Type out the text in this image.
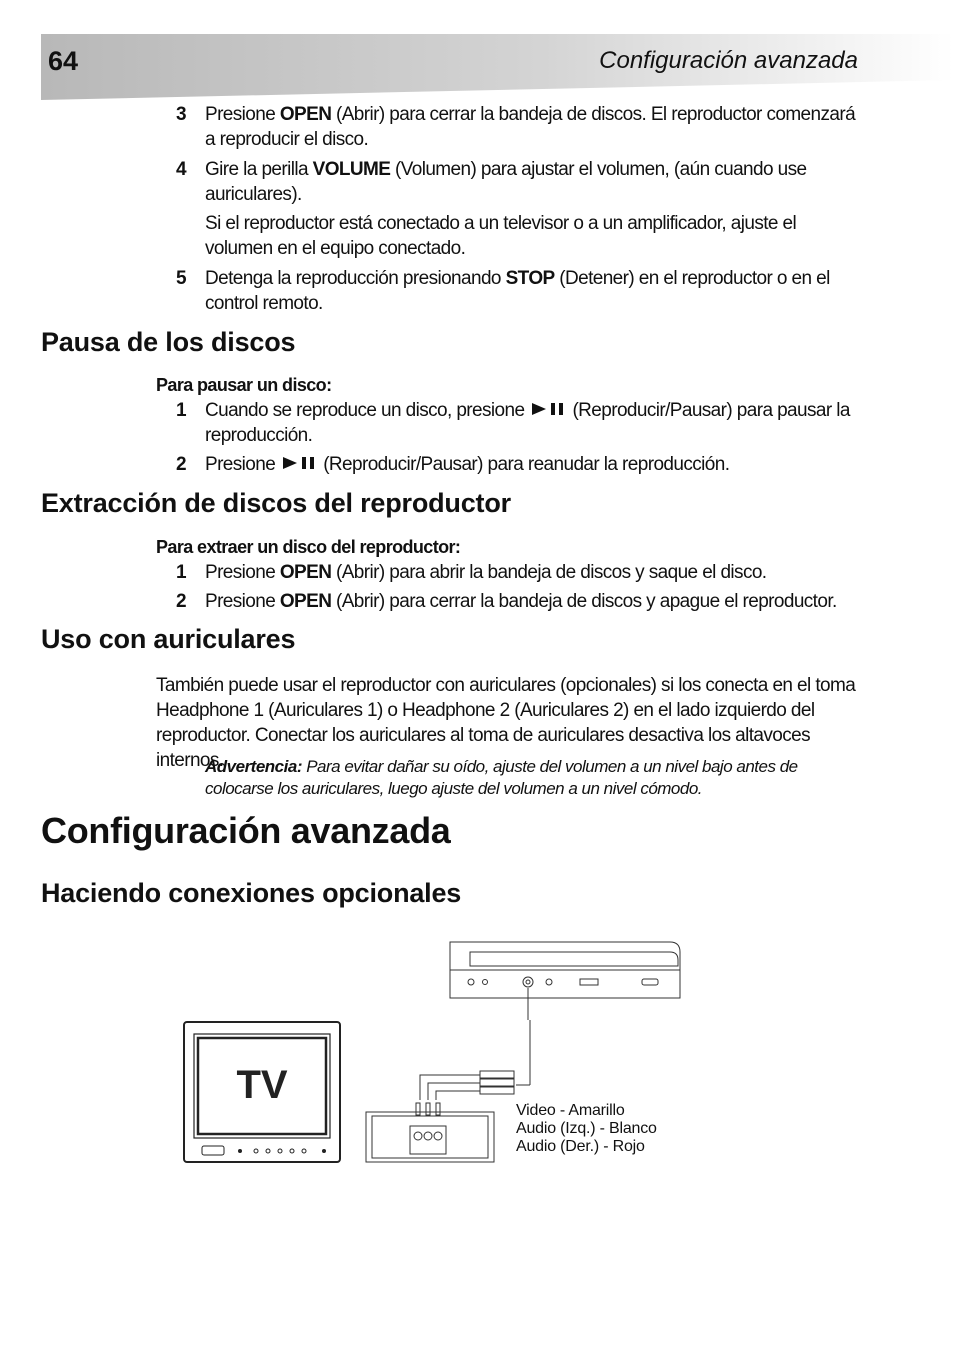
64	Configuración avanzada
3 Presione OPEN (Abrir) para cerrar la bandeja de discos. El reproductor comenzará a reproducir el disco.
4 Gire la perilla VOLUME (Volumen) para ajustar el volumen, (aún cuando use auriculares).
Si el reproductor está conectado a un televisor o a un amplificador, ajuste el volumen en el equipo conectado.
5 Detenga la reproducción presionando STOP (Detener) en el reproductor o en el control remoto.
Pausa de los discos
Para pausar un disco:
1 Cuando se reproduce un disco, presione	(Reproducir/Pausar) para pausar la reproducción.
2 Presione	(Reproducir/Pausar) para reanudar la reproducción.
Extracción de discos del reproductor
Para extraer un disco del reproductor:
1 Presione OPEN (Abrir) para abrir la bandeja de discos y saque el disco.
2 Presione OPEN (Abrir) para cerrar la bandeja de discos y apague el reproductor.
Uso con auriculares
También puede usar el reproductor con auriculares (opcionales) si los conecta en el toma Headphone 1 (Auriculares 1) o Headphone 2 (Auriculares 2) en el lado izquierdo del reproductor. Conectar los auriculares al toma de auriculares desactiva los altavoces internos.
Advertencia: Para evitar dañar su oído, ajuste del volumen a un nivel bajo antes de colocarse los auriculares, luego ajuste del volumen a un nivel cómodo.
Configuración avanzada
Haciendo conexiones opcionales
TV
Video - Amarillo
Audio (Izq.) - Blanco
Audio (Der.) - Rojo
